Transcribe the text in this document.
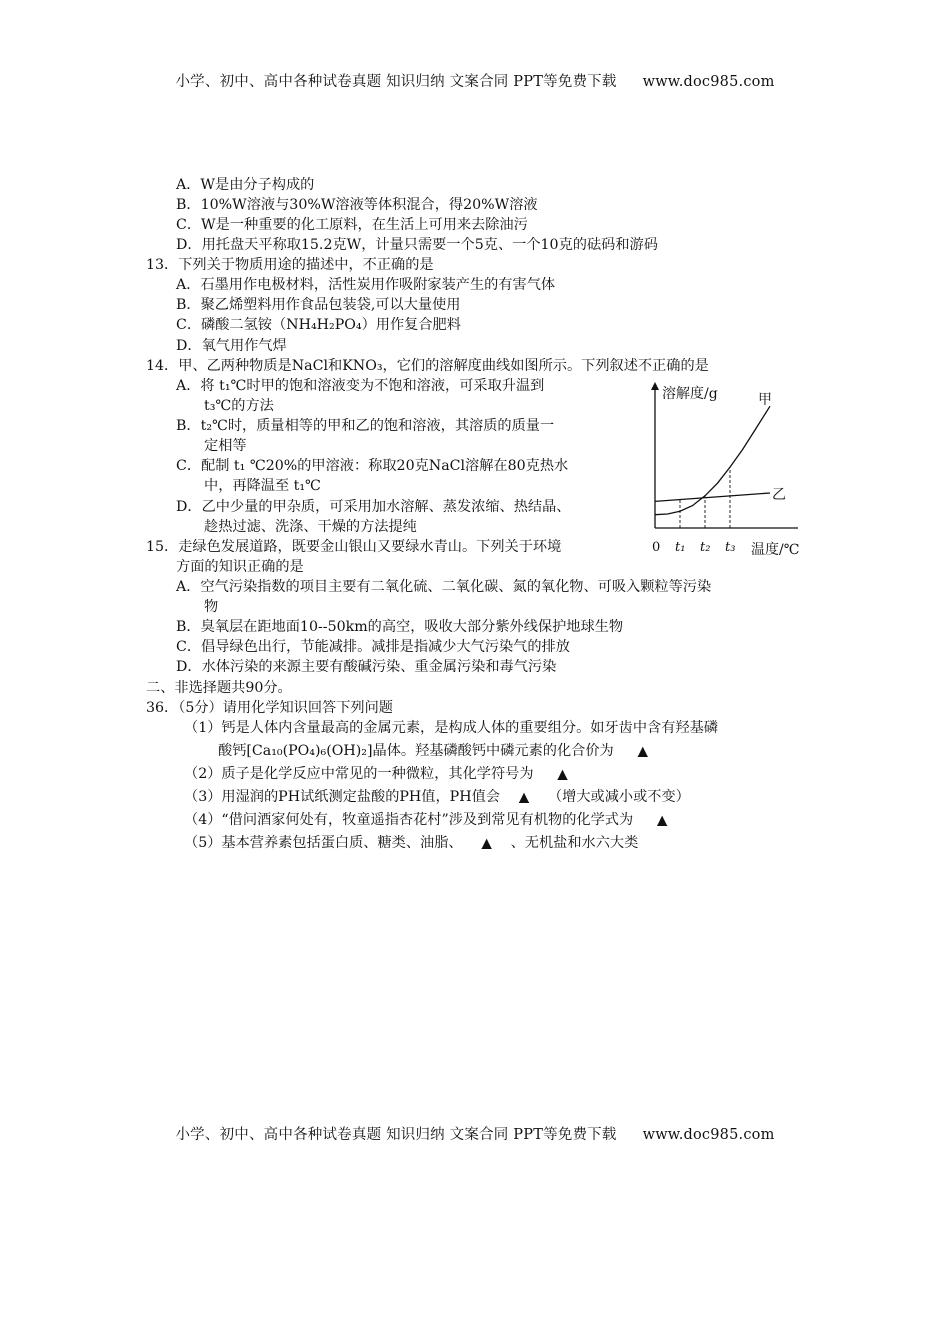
小学、初中、高中各种试卷真题 知识归纳 文案合同 PPT等免费下载 www.doc985.com
A．W是由分子构成的
B．10%W溶液与30%W溶液等体积混合，得20%W溶液
C．W是一种重要的化工原料，在生活上可用来去除油污
D．用托盘天平称取15.2克W，计量只需要一个5克、一个10克的砝码和游码
13．下列关于物质用途的描述中，不正确的是
A．石墨用作电极材料，活性炭用作吸附家装产生的有害气体
B．聚乙烯塑料用作食品包装袋,可以大量使用
C．磷酸二氢铵（NH₄H₂PO₄）用作复合肥料
D．氧气用作气焊
14．甲、乙两种物质是NaCl和KNO₃，它们的溶解度曲线如图所示。下列叙述不正确的是
A．将 t₁℃时甲的饱和溶液变为不饱和溶液，可采取升温到
t₃℃的方法
B．t₂℃时，质量相等的甲和乙的饱和溶液，其溶质的质量一
定相等
C．配制 t₁ ℃20%的甲溶液：称取20克NaCl溶解在80克热水
中，再降温至 t₁℃
D．乙中少量的甲杂质，可采用加水溶解、蒸发浓缩、热结晶、
趁热过滤、洗涤、干燥的方法提纯
15．走绿色发展道路，既要金山银山又要绿水青山。下列关于环境
方面的知识正确的是
A．空气污染指数的项目主要有二氧化硫、二氧化碳、氮的氧化物、可吸入颗粒等污染
物
B．臭氧层在距地面10--50km的高空，吸收大部分紫外线保护地球生物
C．倡导绿色出行，节能减排。减排是指减少大气污染气的排放
D．水体污染的来源主要有酸碱污染、重金属污染和毒气污染
二、非选择题共90分。
36．（5分）请用化学知识回答下列问题
（1）钙是人体内含量最高的金属元素，是构成人体的重要组分。如牙齿中含有羟基磷
酸钙[Ca₁₀(PO₄)₆(OH)₂]晶体。羟基磷酸钙中磷元素的化合价为 ▲
（2）质子是化学反应中常见的一种微粒，其化学符号为 ▲
（3）用湿润的PH试纸测定盐酸的PH值，PH值会 ▲ （增大或减小或不变）
（4）“借问酒家何处有，牧童遥指杏花村”涉及到常见有机物的化学式为 ▲
（5）基本营养素包括蛋白质、糖类、油脂、 ▲ 、无机盐和水六大类
溶解度/g
温度/℃
0 t₁ t₂ t₃
甲
乙
小学、初中、高中各种试卷真题 知识归纳 文案合同 PPT等免费下载 www.doc985.com
